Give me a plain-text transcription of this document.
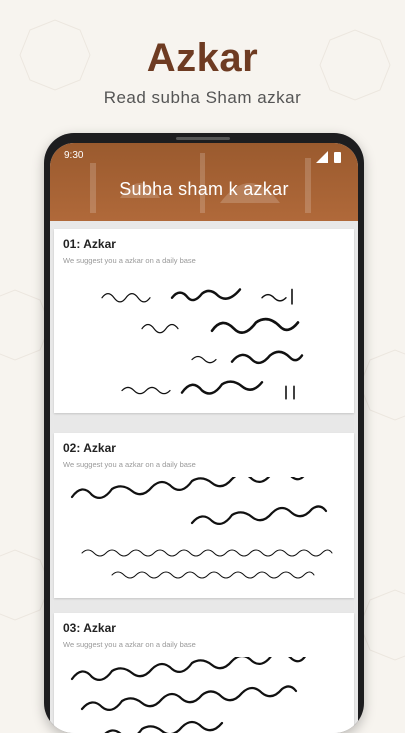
Azkar
Read subha Sham azkar
9:30
Subha sham k azkar
01: Azkar
We suggest you a azkar on a daily base
02: Azkar
We suggest you a azkar on a daily base
03: Azkar
We suggest you a azkar on a daily base
